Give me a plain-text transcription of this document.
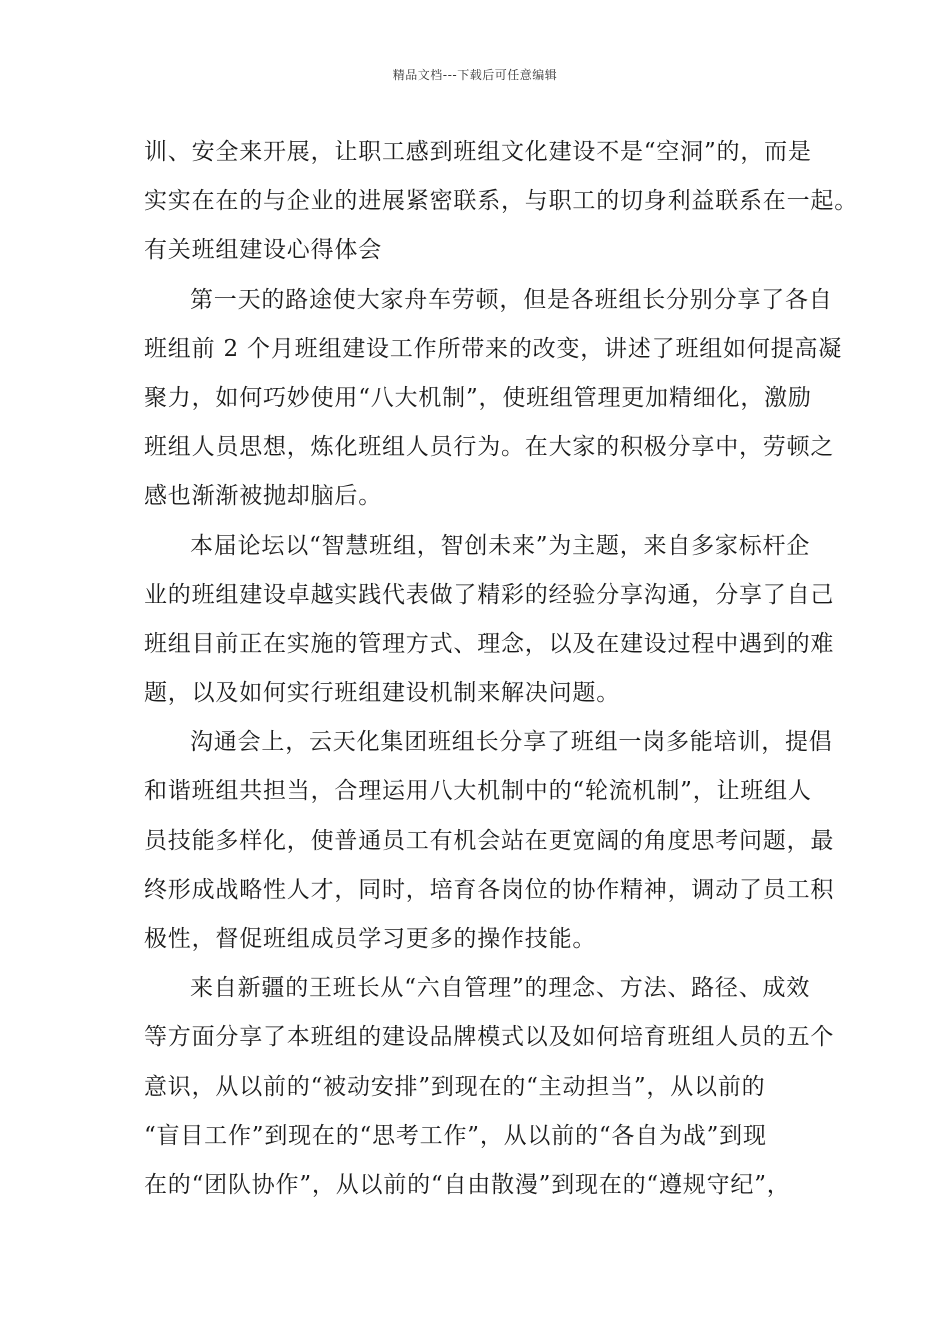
精品文档---下载后可任意编辑
训、安全来开展，让职工感到班组文化建设不是“空洞”的，而是
实实在在的与企业的进展紧密联系，与职工的切身利益联系在一起。
有关班组建设心得体会
第一天的路途使大家舟车劳顿，但是各班组长分别分享了各自
班组前 2 个月班组建设工作所带来的改变，讲述了班组如何提高凝
聚力，如何巧妙使用“八大机制”，使班组管理更加精细化，激励
班组人员思想，炼化班组人员行为。在大家的积极分享中，劳顿之
感也渐渐被抛却脑后。
本届论坛以“智慧班组，智创未来”为主题，来自多家标杆企
业的班组建设卓越实践代表做了精彩的经验分享沟通，分享了自己
班组目前正在实施的管理方式、理念，以及在建设过程中遇到的难
题，以及如何实行班组建设机制来解决问题。
沟通会上，云天化集团班组长分享了班组一岗多能培训，提倡
和谐班组共担当，合理运用八大机制中的“轮流机制”，让班组人
员技能多样化，使普通员工有机会站在更宽阔的角度思考问题，最
终形成战略性人才，同时，培育各岗位的协作精神，调动了员工积
极性，督促班组成员学习更多的操作技能。
来自新疆的王班长从“六自管理”的理念、方法、路径、成效
等方面分享了本班组的建设品牌模式以及如何培育班组人员的五个
意识，从以前的“被动安排”到现在的“主动担当”，从以前的
“盲目工作”到现在的“思考工作”，从以前的“各自为战”到现
在的“团队协作”，从以前的“自由散漫”到现在的“遵规守纪”，
